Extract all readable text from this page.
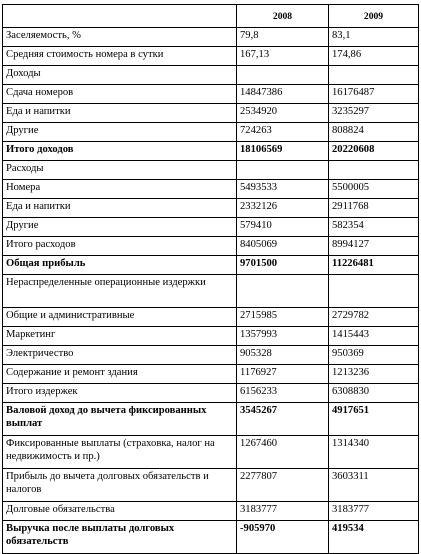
	2008	2009
Заселяемость, %	79,8	83,1
Средняя стоимость номера в сутки	167,13	174,86
Доходы		
Сдача номеров	14847386	16176487
Еда и напитки	2534920	3235297
Другие	724263	808824
Итого доходов	18106569	20220608
Расходы		
Номера	5493533	5500005
Еда и напитки	2332126	2911768
Другие	579410	582354
Итого расходов	8405069	8994127
Общая прибыль	9701500	11226481
Нераспределенные операционные издержки		
Общие и административные	2715985	2729782
Маркетинг	1357993	1415443
Электричество	905328	950369
Содержание и ремонт здания	1176927	1213236
Итого издержек	6156233	6308830
Валовой доход до вычета фиксированных выплат	3545267	4917651
Фиксированные выплаты (страховка, налог на недвижимость и пр.)	1267460	1314340
Прибыль до вычета долговых обязательств и налогов	2277807	3603311
Долговые обязательства	3183777	3183777
Выручка после выплаты долговых обязательств	-905970	419534
